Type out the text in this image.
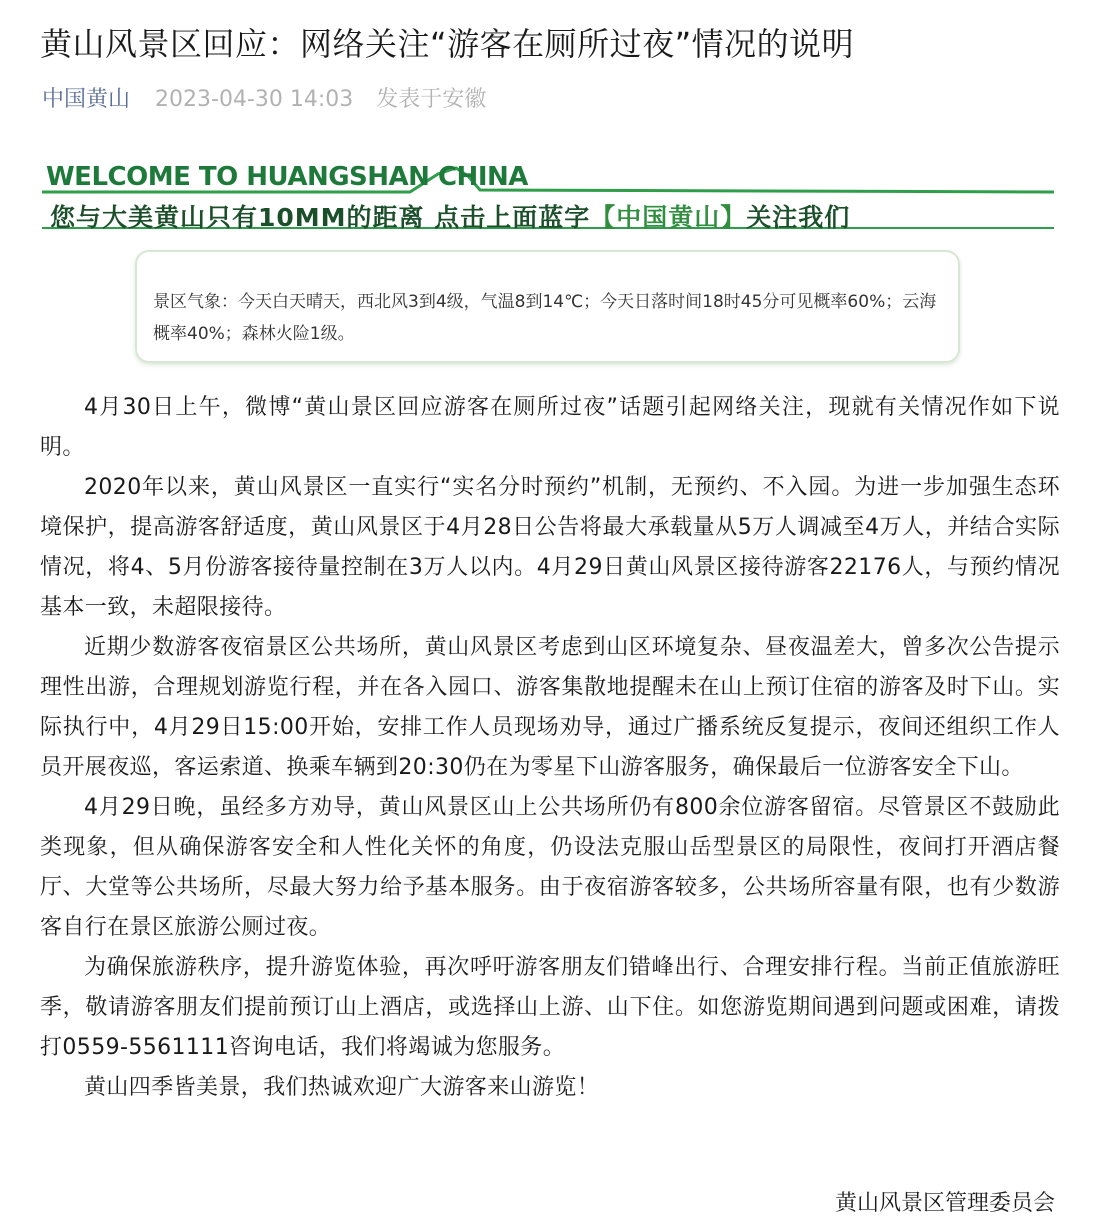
黄山风景区回应：网络关注“游客在厕所过夜”情况的说明
中国黄山 2023-04-30 14:03 发表于安徽
WELCOME TO HUANGSHAN CHINA
您与大美黄山只有10MM的距离 点击上面蓝字【中国黄山】关注我们
景区气象：今天白天晴天，西北风3到4级，气温8到14℃；今天日落时间18时45分可见概率60%；云海概率40%；森林火险1级。

4月30日上午，微博“黄山景区回应游客在厕所过夜”话题引起网络关注，现就有关情况作如下说明。

2020年以来，黄山风景区一直实行“实名分时预约”机制，无预约、不入园。为进一步加强生态环境保护，提高游客舒适度，黄山风景区于4月28日公告将最大承载量从5万人调减至4万人，并结合实际情况，将4、5月份游客接待量控制在3万人以内。4月29日黄山风景区接待游客22176人，与预约情况基本一致，未超限接待。

近期少数游客夜宿景区公共场所，黄山风景区考虑到山区环境复杂、昼夜温差大，曾多次公告提示理性出游，合理规划游览行程，并在各入园口、游客集散地提醒未在山上预订住宿的游客及时下山。实际执行中，4月29日15:00开始，安排工作人员现场劝导，通过广播系统反复提示，夜间还组织工作人员开展夜巡，客运索道、换乘车辆到20:30仍在为零星下山游客服务，确保最后一位游客安全下山。

4月29日晚，虽经多方劝导，黄山风景区山上公共场所仍有800余位游客留宿。尽管景区不鼓励此类现象，但从确保游客安全和人性化关怀的角度，仍设法克服山岳型景区的局限性，夜间打开酒店餐厅、大堂等公共场所，尽最大努力给予基本服务。由于夜宿游客较多，公共场所容量有限，也有少数游客自行在景区旅游公厕过夜。

为确保旅游秩序，提升游览体验，再次呼吁游客朋友们错峰出行、合理安排行程。当前正值旅游旺季，敬请游客朋友们提前预订山上酒店，或选择山上游、山下住。如您游览期间遇到问题或困难，请拨打0559-5561111咨询电话，我们将竭诚为您服务。

黄山四季皆美景，我们热诚欢迎广大游客来山游览！

黄山风景区管理委员会
